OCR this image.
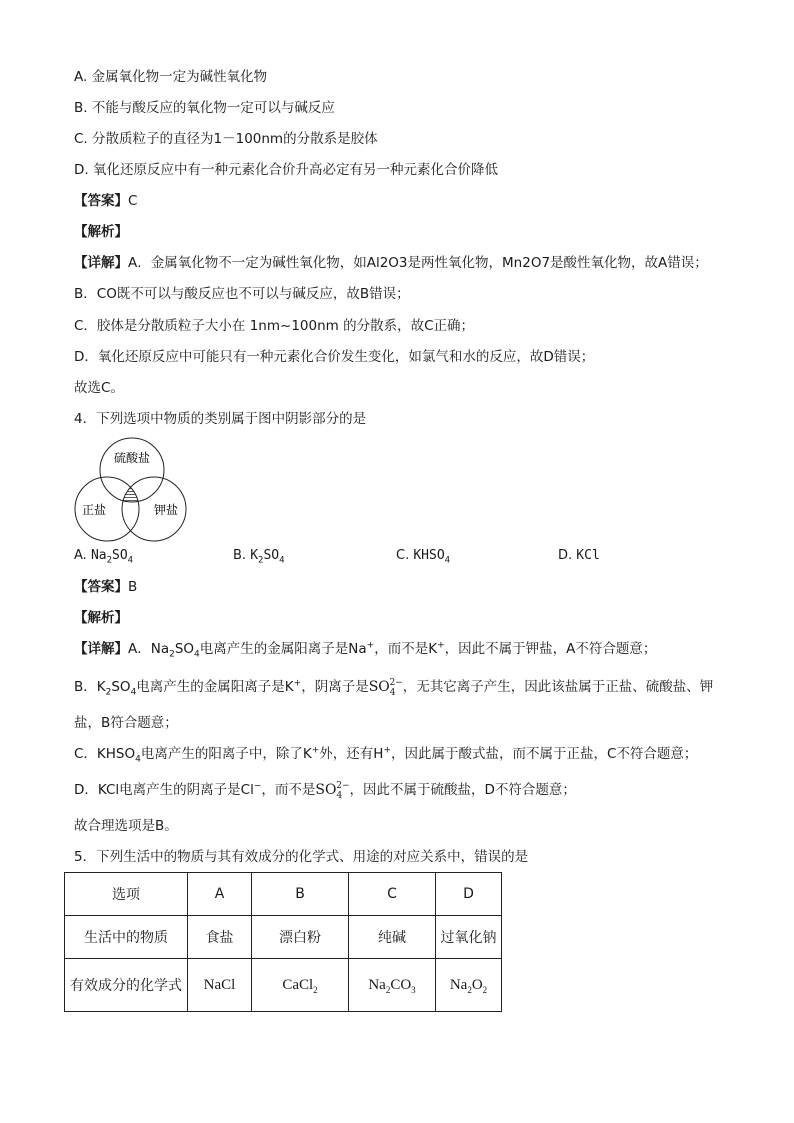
A. 金属氧化物一定为碱性氧化物
B. 不能与酸反应的氧化物一定可以与碱反应
C. 分散质粒子的直径为1－100nm的分散系是胶体
D. 氧化还原反应中有一种元素化合价升高必定有另一种元素化合价降低
【答案】C
【解析】
【详解】A．金属氧化物不一定为碱性氧化物，如Al2O3是两性氧化物，Mn2O7是酸性氧化物，故A错误；
B．CO既不可以与酸反应也不可以与碱反应，故B错误；
C．胶体是分散质粒子大小在 1nm~100nm 的分散系，故C正确；
D．氧化还原反应中可能只有一种元素化合价发生变化，如氯气和水的反应，故D错误；
故选C。
4．下列选项中物质的类别属于图中阴影部分的是
硫酸盐
正盐	钾盐
A. $Na_2SO_4$	B. $K_2SO_4$	C. $KHSO_4$	D. KCl
【答案】B
【解析】
【详解】A．$Na_2SO_4$电离产生的金属阳离子是Na+，而不是K+，因此不属于钾盐，A不符合题意；
B．$K_2SO_4$电离产生的金属阳离子是K+，阴离子是$SO_4^{2-}$，无其它离子产生，因此该盐属于正盐、硫酸盐、钾
盐，B符合题意；
C．$KHSO_4$电离产生的阳离子中，除了K+外，还有H+，因此属于酸式盐，而不属于正盐，C不符合题意；
D．KCl电离产生的阴离子是Cl−，而不是$SO_4^{2-}$，因此不属于硫酸盐，D不符合题意；
故合理选项是B。
5．下列生活中的物质与其有效成分的化学式、用途的对应关系中，错误的是
选项	A	B	C	D
生活中的物质	食盐	漂白粉	纯碱	过氧化钠
有效成分的化学式	NaCl	CaCl$_2$	$Na_2CO_3$	$Na_2O_2$
